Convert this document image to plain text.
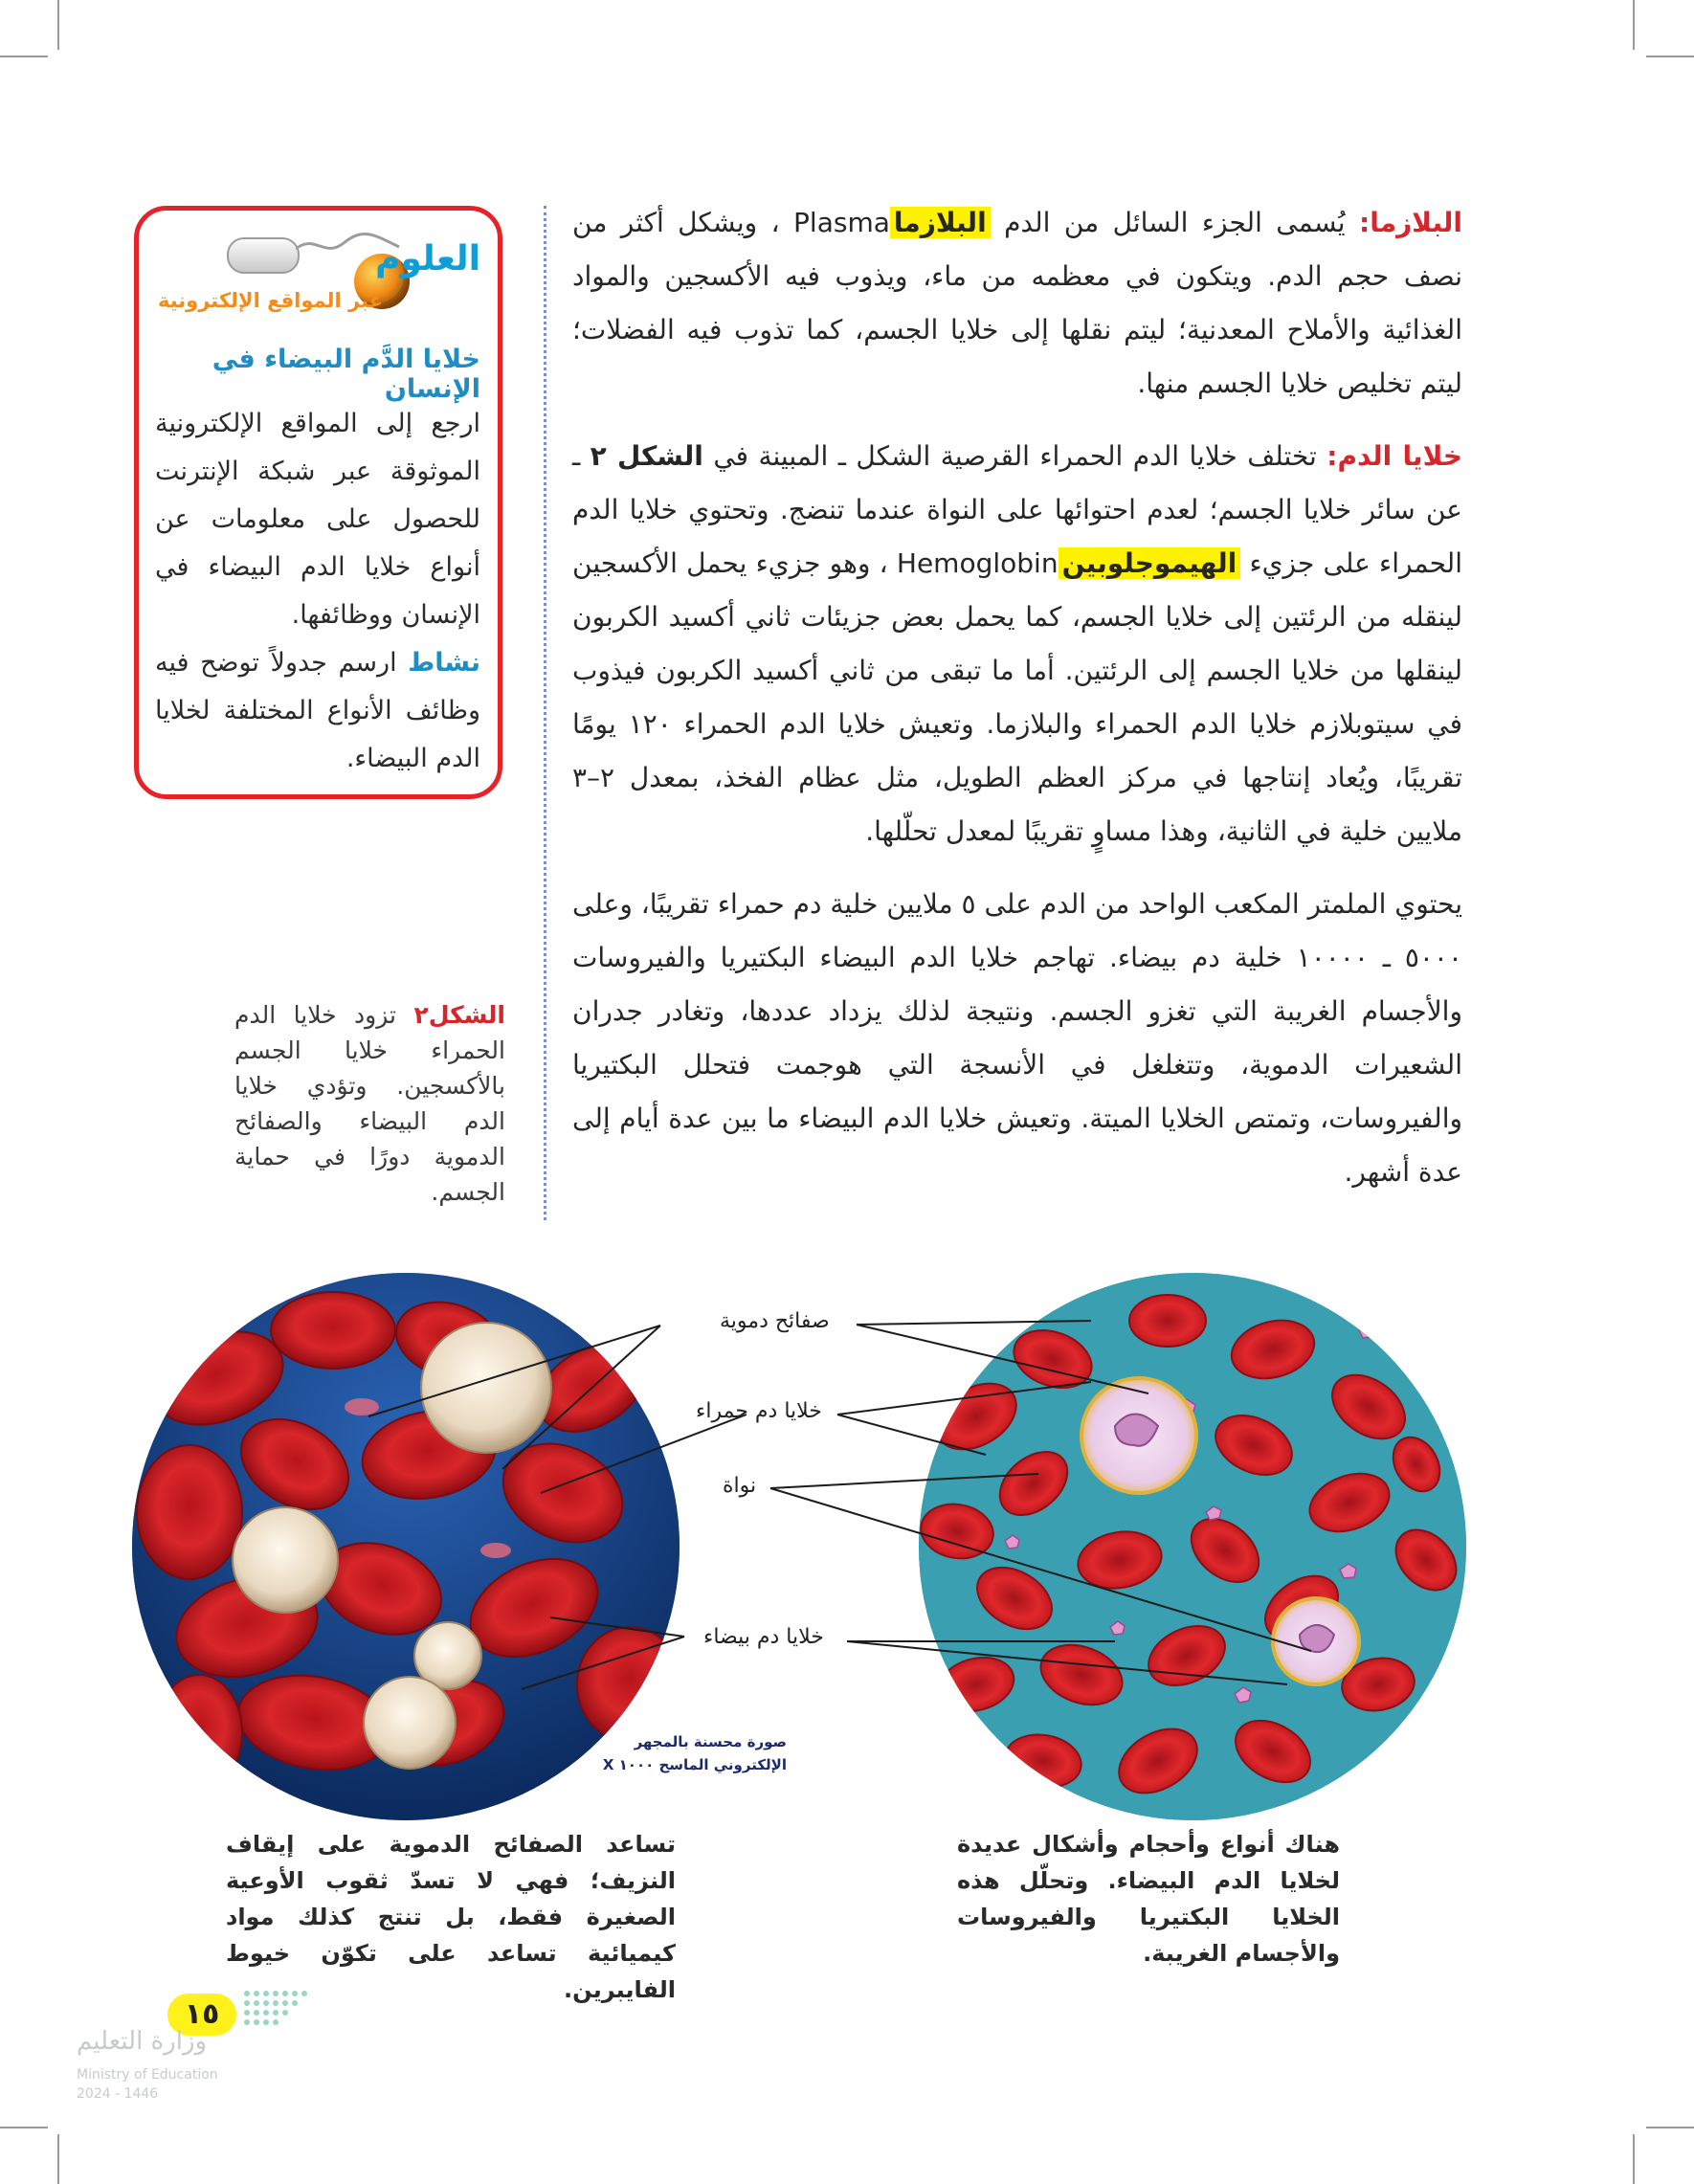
البلازما: يُسمى الجزء السائل من الدم البلازما Plasma، ويشكل أكثر من نصف حجم الدم. ويتكون في معظمه من ماء، ويذوب فيه الأكسجين والمواد الغذائية والأملاح المعدنية؛ ليتم نقلها إلى خلايا الجسم، كما تذوب فيه الفضلات؛ ليتم تخليص خلايا الجسم منها.

خلايا الدم: تختلف خلايا الدم الحمراء القرصية الشكل ـ المبينة في الشكل ٢ ـ عن سائر خلايا الجسم؛ لعدم احتوائها على النواة عندما تنضج. وتحتوي خلايا الدم الحمراء على جزيء الهيموجلوبين Hemoglobin، وهو جزيء يحمل الأكسجين لينقله من الرئتين إلى خلايا الجسم، كما يحمل بعض جزيئات ثاني أكسيد الكربون لينقلها من خلايا الجسم إلى الرئتين. أما ما تبقى من ثاني أكسيد الكربون فيذوب في سيتوبلازم خلايا الدم الحمراء والبلازما. وتعيش خلايا الدم الحمراء ١٢٠ يومًا تقريبًا، ويُعاد إنتاجها في مركز العظم الطويل، مثل عظام الفخذ، بمعدل ٢–٣ ملايين خلية في الثانية، وهذا مساوٍ تقريبًا لمعدل تحلّلها.

يحتوي الملمتر المكعب الواحد من الدم على ٥ ملايين خلية دم حمراء تقريبًا، وعلى ٥٠٠٠ ـ ١٠٠٠٠ خلية دم بيضاء. تهاجم خلايا الدم البيضاء البكتيريا والفيروسات والأجسام الغريبة التي تغزو الجسم. ونتيجة لذلك يزداد عددها، وتغادر جدران الشعيرات الدموية، وتتغلغل في الأنسجة التي هوجمت فتحلل البكتيريا والفيروسات، وتمتص الخلايا الميتة. وتعيش خلايا الدم البيضاء ما بين عدة أيام إلى عدة أشهر.

العلوم
عبر المواقع الإلكترونية
خلايا الدَّم البيضاء في الإنسان
ارجع إلى المواقع الإلكترونية الموثوقة عبر شبكة الإنترنت للحصول على معلومات عن أنواع خلايا الدم البيضاء في الإنسان ووظائفها.
نشاط ارسم جدولاً توضح فيه وظائف الأنواع المختلفة لخلايا الدم البيضاء.
الشكل٢ تزود خلايا الدم الحمراء خلايا الجسم بالأكسجين. وتؤدي خلايا الدم البيضاء والصفائح الدموية دورًا في حماية الجسم.
صورة محسنة بالمجهر
الإلكتروني الماسح ١٠٠٠ X
صفائح دموية
خلايا دم حمراء
نواة
خلايا دم بيضاء
هناك أنواع وأحجام وأشكال عديدة لخلايا الدم البيضاء. وتحلّل هذه الخلايا البكتيريا والفيروسات والأجسام الغريبة.
تساعد الصفائح الدموية على إيقاف النزيف؛ فهي لا تسدّ ثقوب الأوعية الصغيرة فقط، بل تنتج كذلك مواد كيميائية تساعد على تكوّن خيوط الفايبرين.
١٥
وزارة التعليم
Ministry of Education
2024 - 1446
